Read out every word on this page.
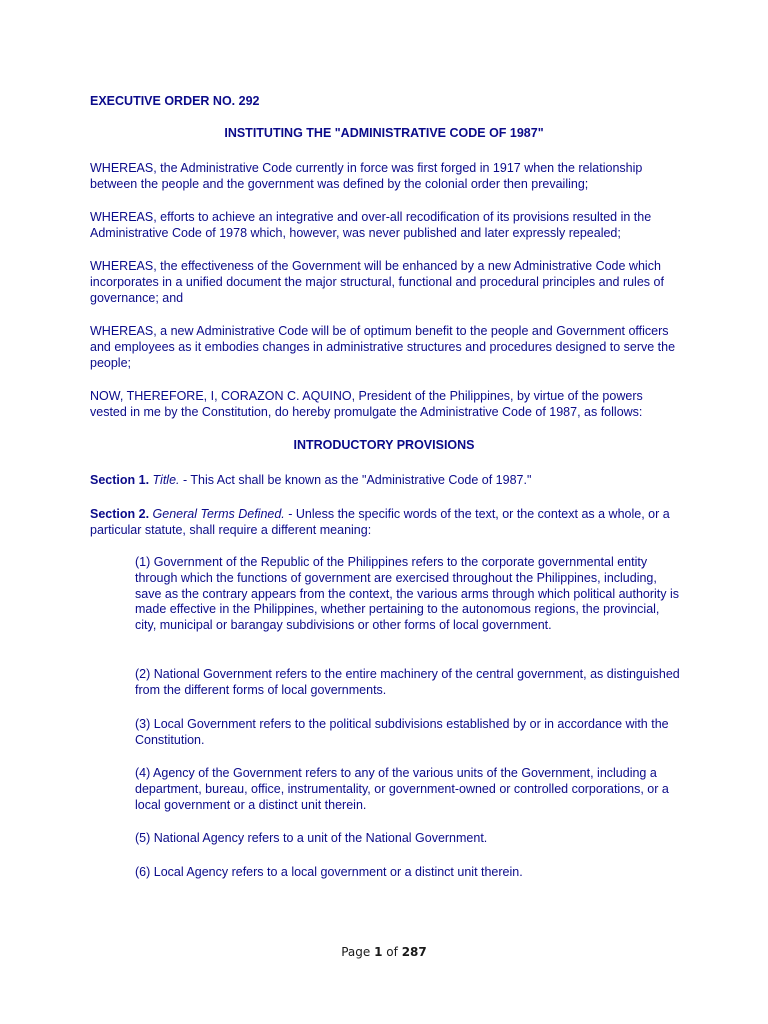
EXECUTIVE ORDER NO. 292

INSTITUTING THE "ADMINISTRATIVE CODE OF 1987"

WHEREAS, the Administrative Code currently in force was first forged in 1917 when the relationship between the people and the government was defined by the colonial order then prevailing;

WHEREAS, efforts to achieve an integrative and over-all recodification of its provisions resulted in the Administrative Code of 1978 which, however, was never published and later expressly repealed;

WHEREAS, the effectiveness of the Government will be enhanced by a new Administrative Code which incorporates in a unified document the major structural, functional and procedural principles and rules of governance; and

WHEREAS, a new Administrative Code will be of optimum benefit to the people and Government officers and employees as it embodies changes in administrative structures and procedures designed to serve the people;

NOW, THEREFORE, I, CORAZON C. AQUINO, President of the Philippines, by virtue of the powers vested in me by the Constitution, do hereby promulgate the Administrative Code of 1987, as follows:

INTRODUCTORY PROVISIONS

Section 1. Title. - This Act shall be known as the "Administrative Code of 1987."

Section 2. General Terms Defined. - Unless the specific words of the text, or the context as a whole, or a particular statute, shall require a different meaning:

(1) Government of the Republic of the Philippines refers to the corporate governmental entity through which the functions of government are exercised throughout the Philippines, including, save as the contrary appears from the context, the various arms through which political authority is made effective in the Philippines, whether pertaining to the autonomous regions, the provincial, city, municipal or barangay subdivisions or other forms of local government.

(2) National Government refers to the entire machinery of the central government, as distinguished from the different forms of local governments.

(3) Local Government refers to the political subdivisions established by or in accordance with the Constitution.

(4) Agency of the Government refers to any of the various units of the Government, including a department, bureau, office, instrumentality, or government-owned or controlled corporations, or a local government or a distinct unit therein.

(5) National Agency refers to a unit of the National Government.

(6) Local Agency refers to a local government or a distinct unit therein.

Page 1 of 287
